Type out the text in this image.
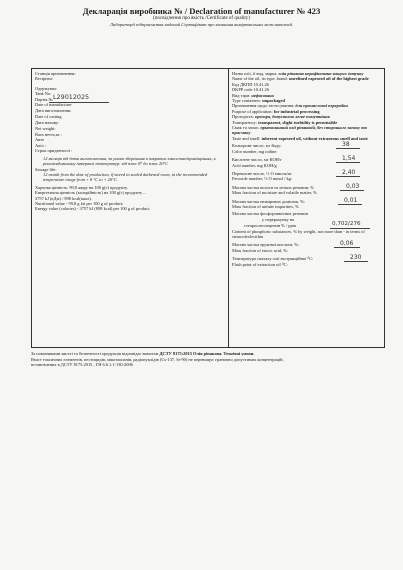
Декларація виробника № / Declaration of manufacturer № 423
(посвідчення про якість /Certificate of quality)
Лабораторії підприємства видений Сертифікат про визнання вимірювальних можливостей.
Станція призначення:
Recipient:
Одержувач:
Tank No:
Партія № L29012025
Date of manufacture:
Дата виготовлення:
Date of casting
Дата наливу:
Net weight:
Вага нетто,кг :
Авто
Auto :
Строк придатності :
12 місяців від дати виготовлення, за умови зберігання в закритих ємностях/приміщеннях, в рекомендованому інтервалі температур: від плюс 8° до плюс 20°С
Storage life:
12 month from the date of production, if stored in sealed darkened room, in the recommended temperature range from + 8 °С to + 20°С.
Харчова цінність: 99,8 жиру на 100 g(г) продукту.
Енергетична цінність (калорійність) на 100 g(г) продукту –
3757 kJ (кДж) / 898 kcal(ккал).
Nutritional value - 99,8 g fat per 100 g of product;
Energy value (calories) - 3757 kJ (898 kcal) per 100 g of product.
Назва олії, її вид, марка: олія ріпакова нерафінована вищого ґатунку
Name of the oil, its type, brand: unrefined rapeseed oil of the highest grade
Код ДКПП 10.41.26
DKPP code 10.41.26
Вид тари: нефасована
Type containers: unpackaged
Призначення щодо застосування: для промислової переробки
Purpose of application: for industrial processing
Прозорість: прозора, допустимо легке помутніння
Transparency: transparent, slight turbidity is permissible
Смак та запах: притаманний олії ріпаковій, без сторонього запаху та присмаку
Taste and smell: inherent rapeseed oil, without extraneous smell and taste
Кольорове число, мг йоду:	38
Color number, mg iodine:
Кислотне число, мг КОН/г	1,54
Acid number, mg KOH/g
Перекисне число, ½ О ммоль/кг	2,40
Peroxide number, ½ O mmol / kg:
Масова частка вологи та летких речовин, %	0,03
Mass fraction of moisture and volatile matter, %
Масова частка нежирових домішок, %:	0,01
Mass fraction of unfatte impurities, %
Масова частка фосфоровмісних речовин
у перерахунку на
стеароолеолецитин % / ppm	0,702/276
Content of phosphoric substances, % by weight, not more than - in terms of stearooleolecithin
Масова частка ерукової кислоти, %:	0,06
Mass fraction of erucic acid, %:
Температура спалаху олії екстракційної ⁰С:	230
Flash point of extraction oil ⁰C:
За показниками якості та безпечності продукція відповідає вимогам ДСТУ 8175:2015 Олія ріпакова. Технічні умови.
Вміст токсичних елементів, пестицидів, мікотоксинів, радіонуклідів (Cs-137, Sr-90) не перевищує гранично допустимих концентрацій,
встановлених в ДСТУ 8175:2015 , ГН 6.6.1.1-130-2006
